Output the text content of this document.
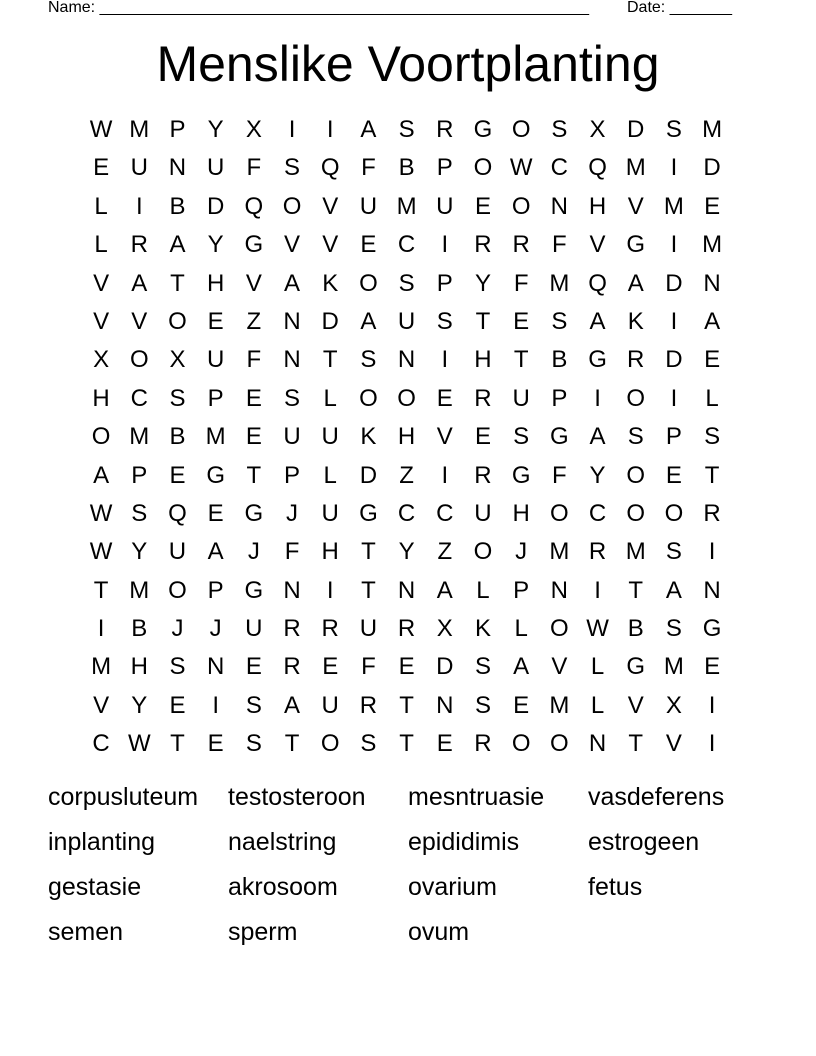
Name: _______________________________________________________ Date: _______
Menslike Voortplanting
W M P Y X	I	I	A S R G O S X D S M
E U N U F S Q F B P O W C Q M	I	D
L	I	B D Q O V U M U E O N H V M E
L R A Y G V V E C	I	R R F V G	I	M
V A T H V A K O S P Y F M Q A D N
V V O E Z N D A U S T E S A K	I	A
X O X U F N T S N	I	H T B G R D E
H C S P E S L O O E R U P	I	O	I	L
O M B M E U U K H V E S G A S P S
A P E G T P L D Z	I	R G F Y O E T
W S Q E G J U G C C U H O C O O R
W Y U A	J	F H T Y Z O J M R M S	I
T M O P G N	I	T N A L P N	I	T A N
I	B	J	J U R R U R X K L O W B S G
M H S N E R E F E D S A V L G M E
V Y E	I	S A U R T N S E M L V X	I
C W T E S T O S T E R O O N T V	I
corpusluteum	testosteroon	mesntruasie	vasdeferens
inplanting	naelstring	epididimis	estrogeen
gestasie	akrosoom	ovarium	fetus
semen	sperm	ovum
